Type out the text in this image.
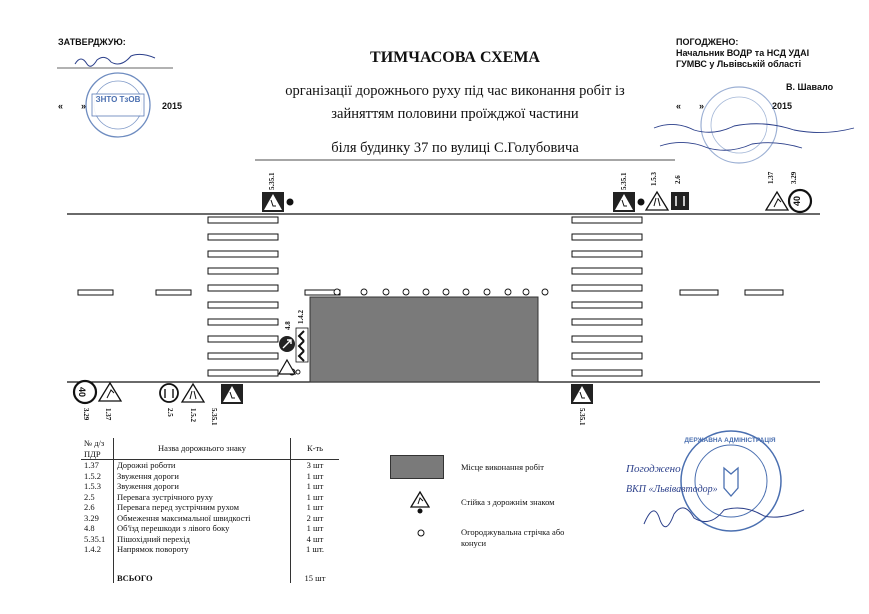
ЗАТВЕРДЖУЮ:
« »	2015
ЗНТО ТзОВ
ПОГОДЖЕНО:
Начальник ВОДР та НСД УДАІ
ГУМВС у Львівській області
В. Шавало
« »	2015
ТИМЧАСОВА СХЕМА
організації дорожнього руху під час виконання робіт із
зайняттям половини проїжджої частини
біля будинку 37 по вулиці С.Голубовича
40
40
5.35.1	5.35.1	1.5.3 2.6	1.37 3.29
1.4.2
4.8
3.29 1.37	2.5 1.5.2 5.35.1	5.35.1
№ д/з ПДР	Назва дорожнього знаку	К-ть
1.37	Дорожні роботи	3 шт
1.5.2	Звуження дороги	1 шт
1.5.3	Звуження дороги	1 шт
2.5	Перевага зустрічного руху	1 шт
2.6	Перевага перед зустрічним рухом	1 шт
3.29	Обмеження максимальної швидкості	2 шт
4.8	Об'їзд перешкоди з лівого боку	1 шт
5.35.1	Пішохідний перехід	4 шт
1.4.2	Напрямок повороту	1 шт.

	ВСЬОГО	15 шт
Місце виконання робіт
Стійка з дорожнім знаком
Огороджувальна стрічка або
конуси
ДЕРЖАВНА АДМІНІСТРАЦІЯ
Погоджено
ВКП «Львівавтодор»
